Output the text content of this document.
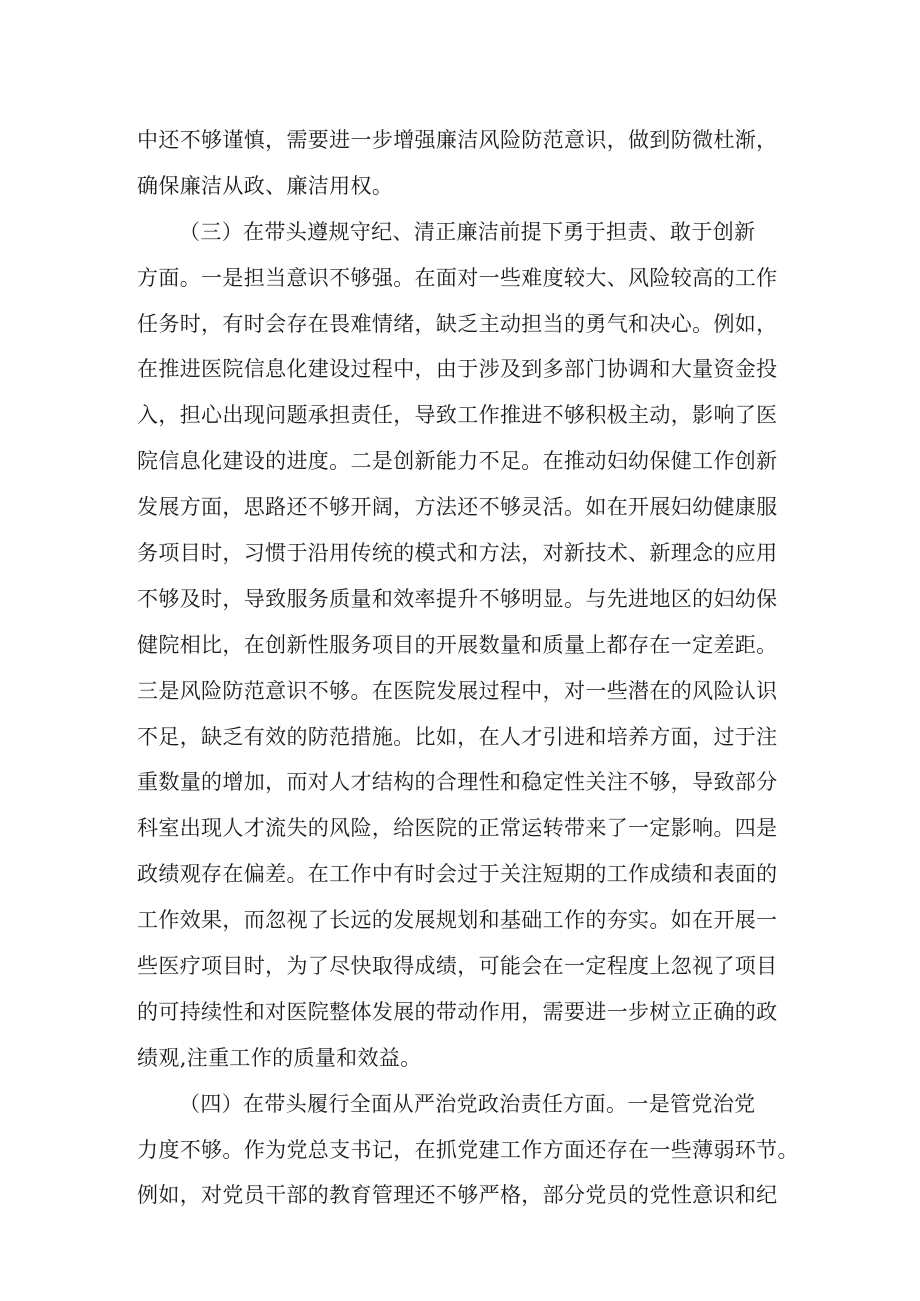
中还不够谨慎，需要进一步增强廉洁风险防范意识，做到防微杜渐，
确保廉洁从政、廉洁用权。
（三）在带头遵规守纪、清正廉洁前提下勇于担责、敢于创新
方面。一是担当意识不够强。在面对一些难度较大、风险较高的工作
任务时，有时会存在畏难情绪，缺乏主动担当的勇气和决心。例如，
在推进医院信息化建设过程中，由于涉及到多部门协调和大量资金投
入，担心出现问题承担责任，导致工作推进不够积极主动，影响了医
院信息化建设的进度。二是创新能力不足。在推动妇幼保健工作创新
发展方面，思路还不够开阔，方法还不够灵活。如在开展妇幼健康服
务项目时，习惯于沿用传统的模式和方法，对新技术、新理念的应用
不够及时，导致服务质量和效率提升不够明显。与先进地区的妇幼保
健院相比，在创新性服务项目的开展数量和质量上都存在一定差距。
三是风险防范意识不够。在医院发展过程中，对一些潜在的风险认识
不足，缺乏有效的防范措施。比如，在人才引进和培养方面，过于注
重数量的增加，而对人才结构的合理性和稳定性关注不够，导致部分
科室出现人才流失的风险，给医院的正常运转带来了一定影响。四是
政绩观存在偏差。在工作中有时会过于关注短期的工作成绩和表面的
工作效果，而忽视了长远的发展规划和基础工作的夯实。如在开展一
些医疗项目时，为了尽快取得成绩，可能会在一定程度上忽视了项目
的可持续性和对医院整体发展的带动作用，需要进一步树立正确的政
绩观,注重工作的质量和效益。
（四）在带头履行全面从严治党政治责任方面。一是管党治党
力度不够。作为党总支书记，在抓党建工作方面还存在一些薄弱环节。
例如，对党员干部的教育管理还不够严格，部分党员的党性意识和纪
